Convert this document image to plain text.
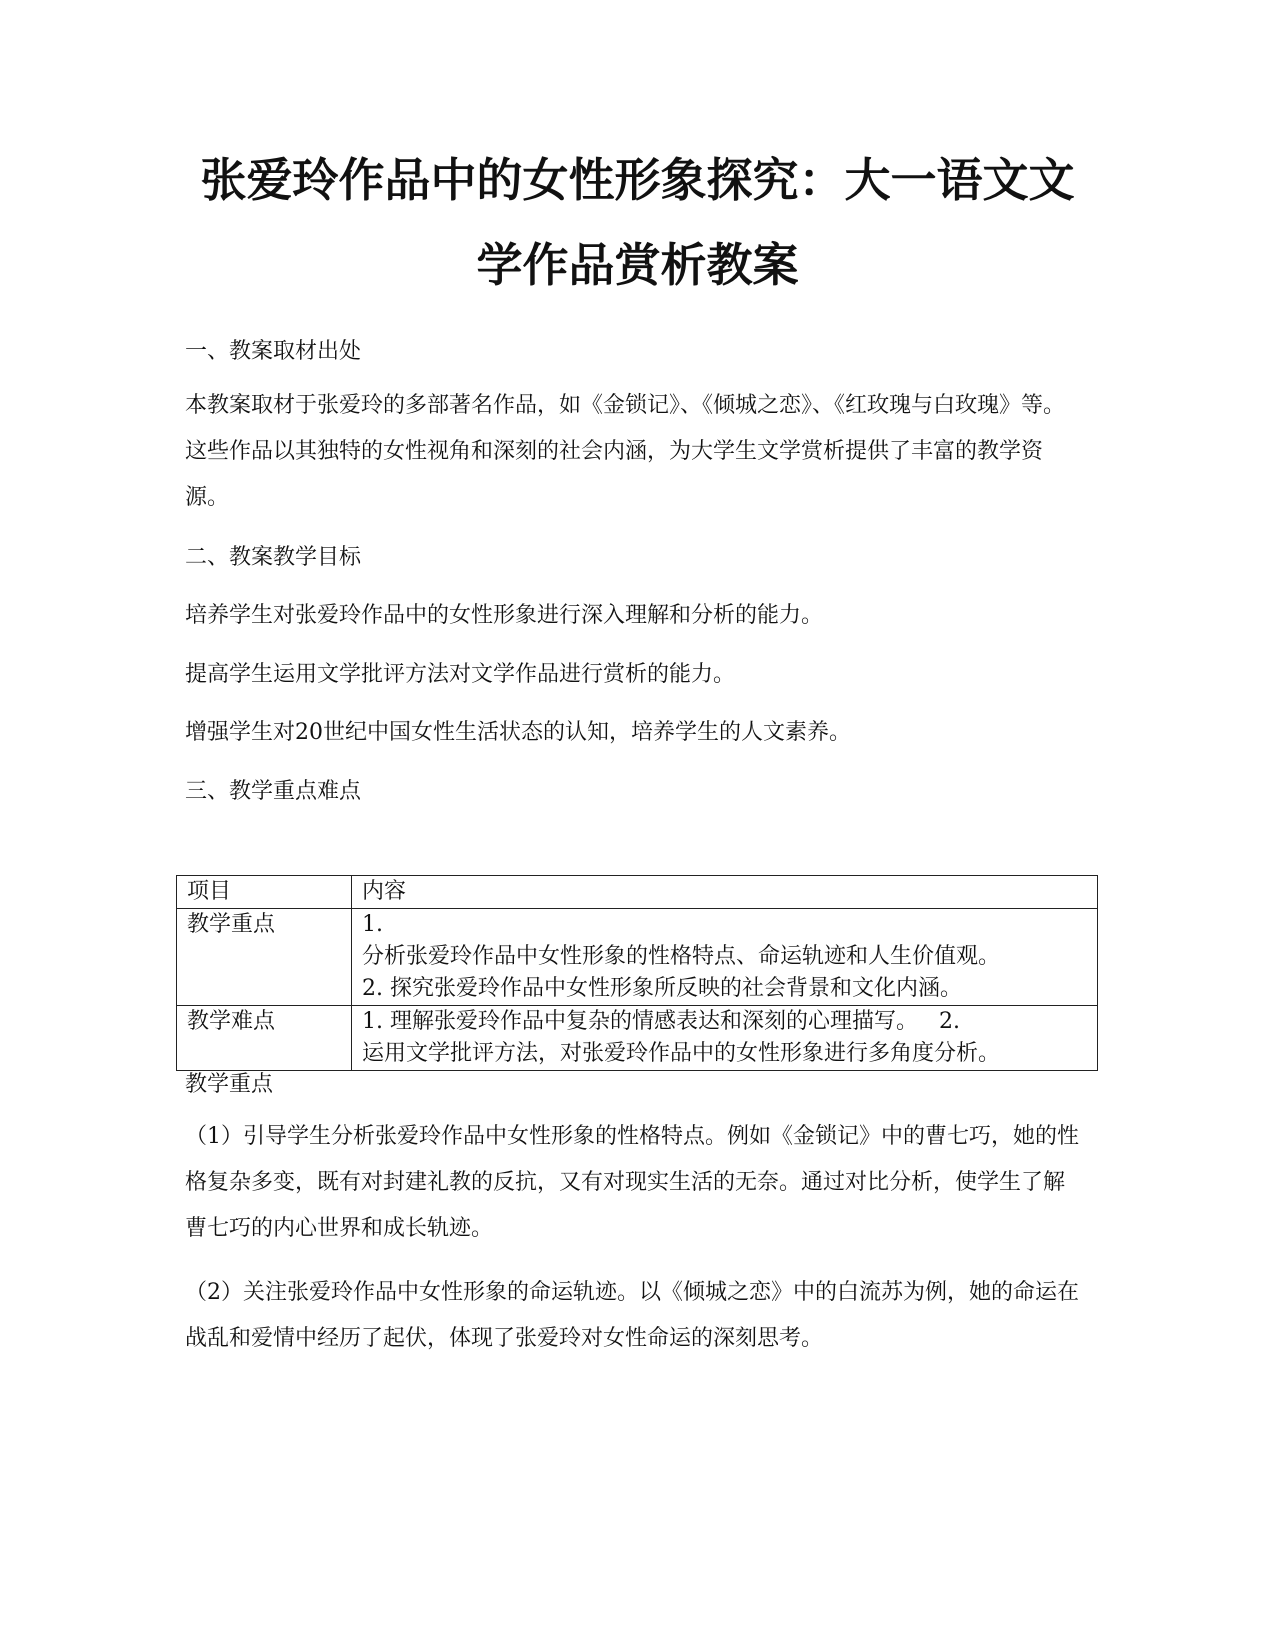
张爱玲作品中的女性形象探究：大一语文文
学作品赏析教案
一、教案取材出处
本教案取材于张爱玲的多部著名作品，如《金锁记》、《倾城之恋》、《红玫瑰与白玫瑰》等。这些作品以其独特的女性视角和深刻的社会内涵，为大学生文学赏析提供了丰富的教学资源。
二、教案教学目标
培养学生对张爱玲作品中的女性形象进行深入理解和分析的能力。
提高学生运用文学批评方法对文学作品进行赏析的能力。
增强学生对20世纪中国女性生活状态的认知，培养学生的人文素养。
三、教学重点难点
项目	内容
教学重点	1.
分析张爱玲作品中女性形象的性格特点、命运轨迹和人生价值观。
2. 探究张爱玲作品中女性形象所反映的社会背景和文化内涵。

教学难点	1. 理解张爱玲作品中复杂的情感表达和深刻的心理描写。   2.
运用文学批评方法，对张爱玲作品中的女性形象进行多角度分析。
教学重点
（1）引导学生分析张爱玲作品中女性形象的性格特点。例如《金锁记》中的曹七巧，她的性格复杂多变，既有对封建礼教的反抗，又有对现实生活的无奈。通过对比分析，使学生了解曹七巧的内心世界和成长轨迹。
（2）关注张爱玲作品中女性形象的命运轨迹。以《倾城之恋》中的白流苏为例，她的命运在战乱和爱情中经历了起伏，体现了张爱玲对女性命运的深刻思考。
